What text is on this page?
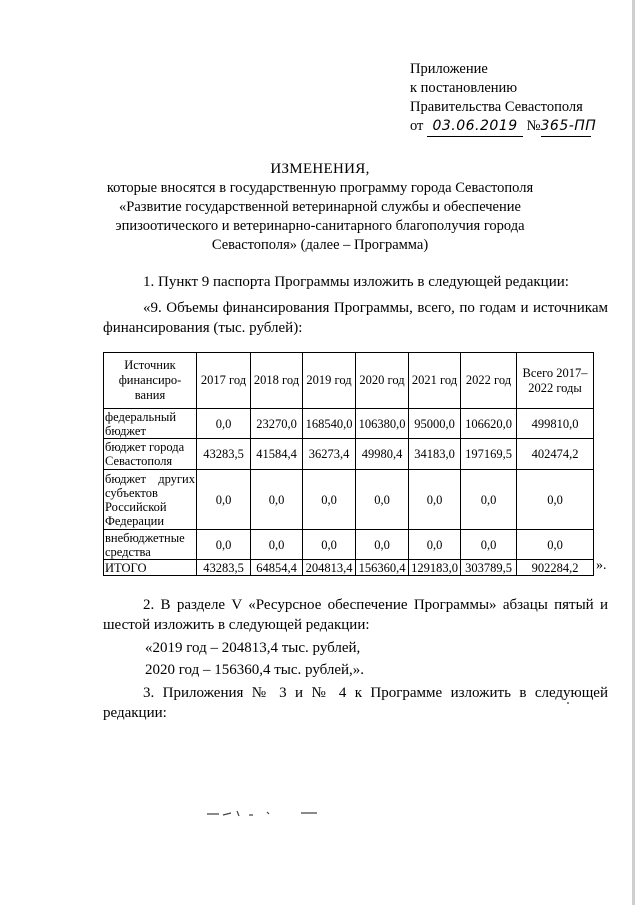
Приложение
к постановлению
Правительства Севастополя
от 03.06.2019 №365-ПП
ИЗМЕНЕНИЯ,
которые вносятся в государственную программу города Севастополя
«Развитие государственной ветеринарной службы и обеспечение
эпизоотического и ветеринарно-санитарного благополучия города
Севастополя» (далее – Программа)
1. Пункт 9 паспорта Программы изложить в следующей редакции:
«9. Объемы финансирования Программы, всего, по годам и источникам финансирования (тыс. рублей):
Источник финансиро-вания	2017 год	2018 год	2019 год	2020 год	2021 год	2022 год	Всего 2017–2022 годы
федеральный бюджет	0,0	23270,0	168540,0	106380,0	95000,0	106620,0	499810,0
бюджет города Севастополя	43283,5	41584,4	36273,4	49980,4	34183,0	197169,5	402474,2
бюджет других субъектов Российской Федерации	0,0	0,0	0,0	0,0	0,0	0,0	0,0
внебюджетные средства	0,0	0,0	0,0	0,0	0,0	0,0	0,0
ИТОГО	43283,5	64854,4	204813,4	156360,4	129183,0	303789,5	902284,2 ».
2. В разделе V «Ресурсное обеспечение Программы» абзацы пятый и шестой изложить в следующей редакции:
«2019 год – 204813,4 тыс. рублей,
2020 год – 156360,4 тыс. рублей,».
3. Приложения № 3 и № 4 к Программе изложить в следующей редакции:
